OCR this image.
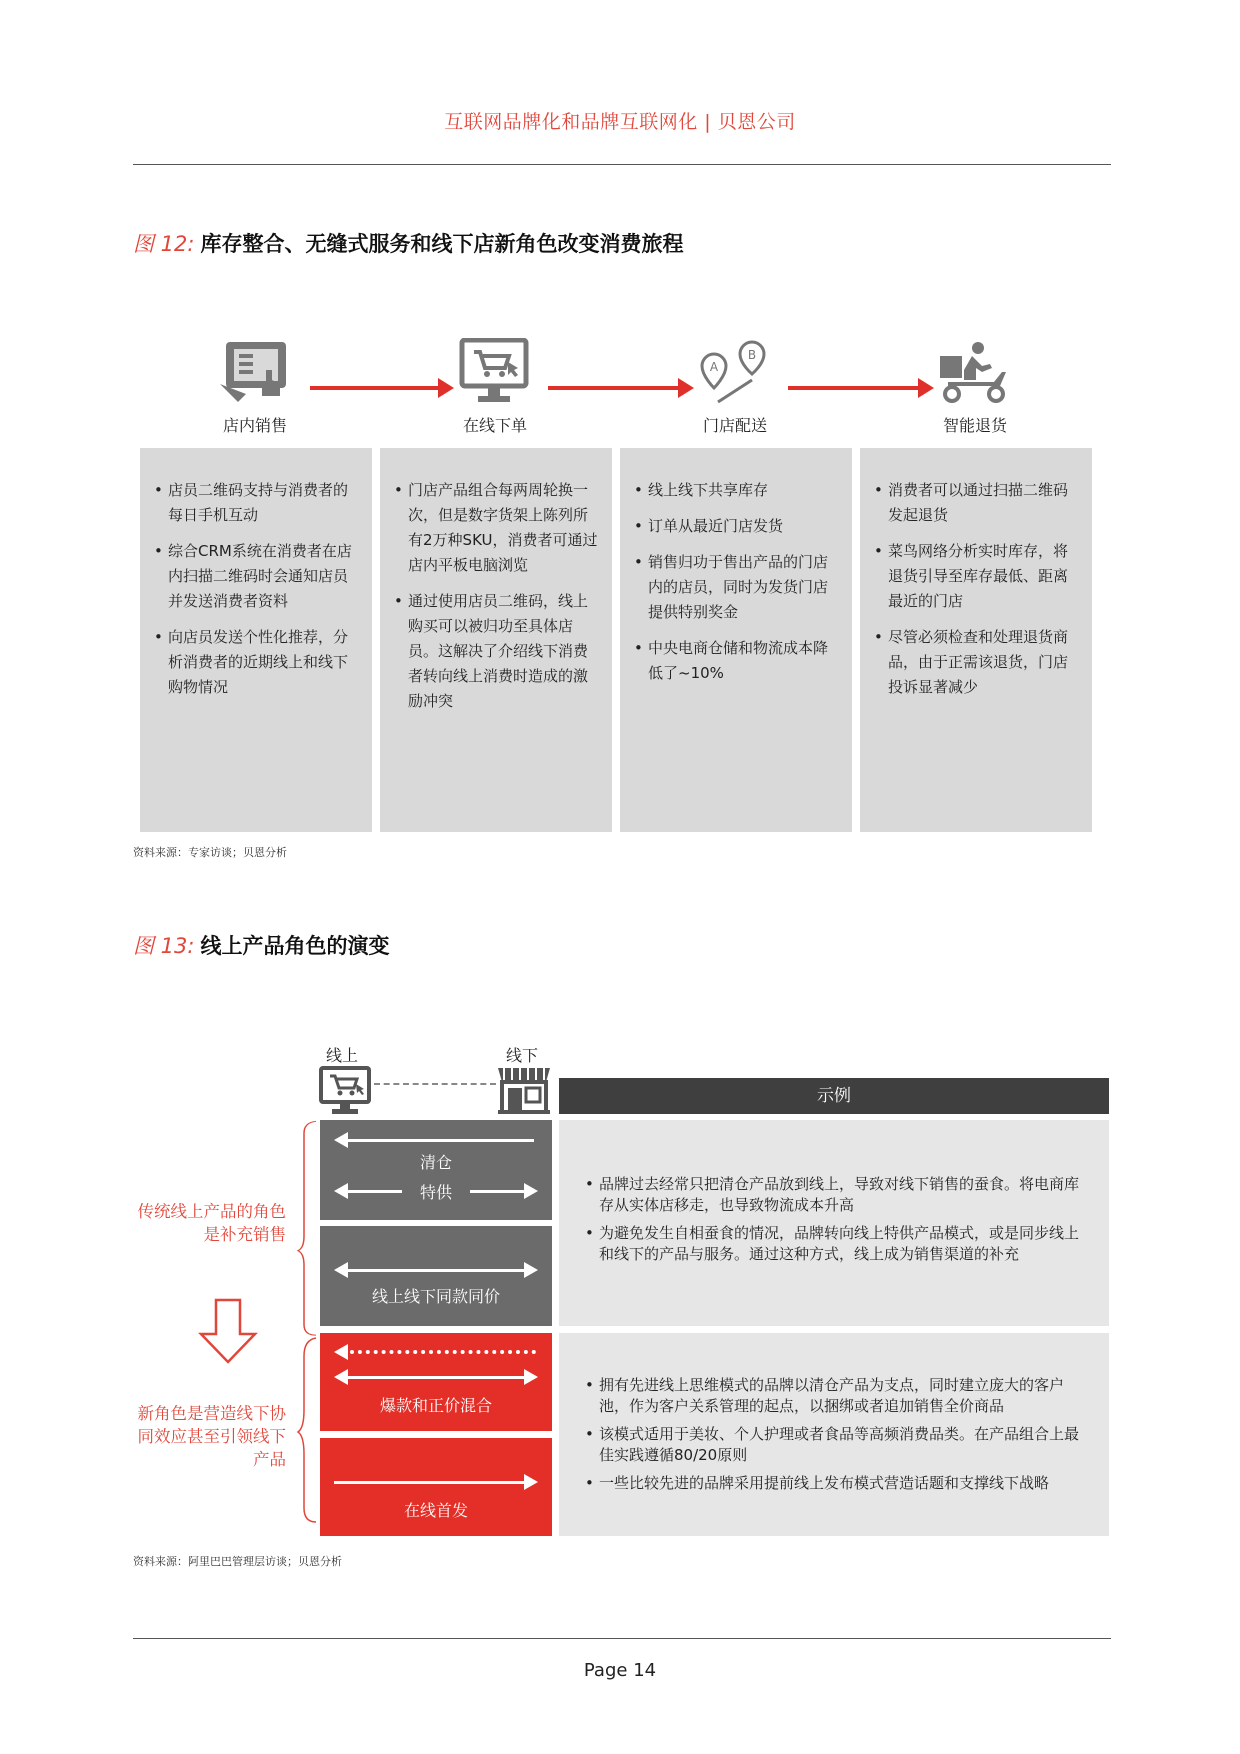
互联网品牌化和品牌互联网化 | 贝恩公司
图 12: 库存整合、无缝式服务和线下店新角色改变消费旅程
A
B
店内销售	在线下单	门店配送	智能退货
• 店员二维码支持与消费者的每日手机互动
• 综合CRM系统在消费者在店内扫描二维码时会通知店员并发送消费者资料
• 向店员发送个性化推荐，分析消费者的近期线上和线下购物情况
• 门店产品组合每两周轮换一次，但是数字货架上陈列所有2万种SKU，消费者可通过店内平板电脑浏览
• 通过使用店员二维码，线上购买可以被归功至具体店员。这解决了介绍线下消费者转向线上消费时造成的激励冲突
• 线上线下共享库存
• 订单从最近门店发货
• 销售归功于售出产品的门店内的店员，同时为发货门店提供特别奖金
• 中央电商仓储和物流成本降低了~10%
• 消费者可以通过扫描二维码发起退货
• 菜鸟网络分析实时库存，将退货引导至库存最低、距离最近的门店
• 尽管必须检查和处理退货商品，由于正需该退货，门店投诉显著减少
资料来源：专家访谈；贝恩分析
图 13: 线上产品角色的演变
线上	线下
示例
传统线上产品的角色是补充销售
新角色是营造线下协同效应甚至引领线下产品
清仓
特供
线上线下同款同价
爆款和正价混合
在线首发
• 品牌过去经常只把清仓产品放到线上，导致对线下销售的蚕食。将电商库存从实体店移走，也导致物流成本升高
• 为避免发生自相蚕食的情况，品牌转向线上特供产品模式，或是同步线上和线下的产品与服务。通过这种方式，线上成为销售渠道的补充
• 拥有先进线上思维模式的品牌以清仓产品为支点，同时建立庞大的客户池，作为客户关系管理的起点，以捆绑或者追加销售全价商品
• 该模式适用于美妆、个人护理或者食品等高频消费品类。在产品组合上最佳实践遵循80/20原则
• 一些比较先进的品牌采用提前线上发布模式营造话题和支撑线下战略
资料来源：阿里巴巴管理层访谈；贝恩分析
Page 14
